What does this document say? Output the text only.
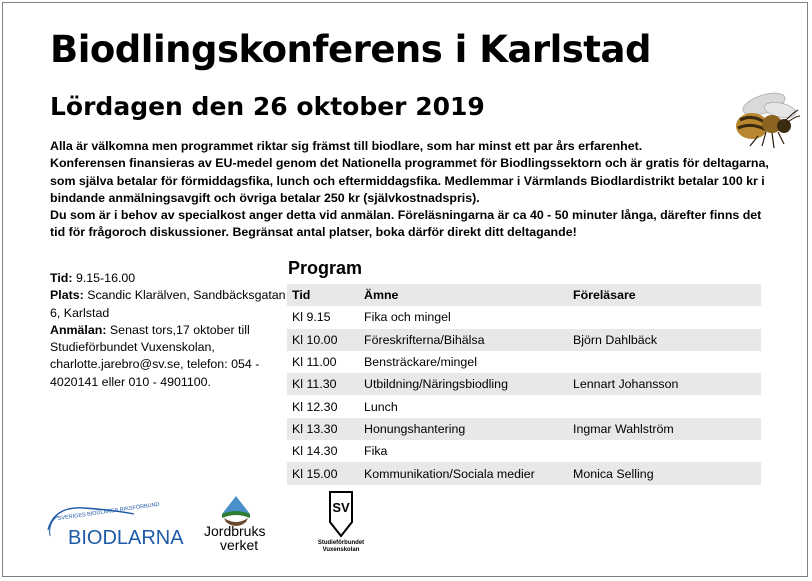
Biodlingskonferens i Karlstad
Lördagen den 26 oktober 2019

Alla är välkomna men programmet riktar sig främst till biodlare, som har minst ett par års erfarenhet.

Konferensen finansieras av EU-medel genom det Nationella programmet för Biodlingssektorn och är gratis för deltagarna, som själva betalar för förmiddagsfika, lunch och eftermiddagsfika. Medlemmar i Värmlands Biodlardistrikt betalar 100 kr i bindande anmälningsavgift och övriga betalar 250 kr (självkostnadspris).

Du som är i behov av specialkost anger detta vid anmälan. Föreläsningarna är ca 40 - 50 minuter långa, därefter finns det tid för frågoroch diskussioner. Begränsat antal platser, boka därför direkt ditt deltagande!

Tid: 9.15-16.00

Plats: Scandic Klarälven, Sandbäcksgatan 6, Karlstad

Anmälan: Senast tors,17 oktober till Studieförbundet Vuxenskolan, charlotte.jarebro@sv.se, telefon: 054 - 4020141 eller 010 - 4901100.

Program
Tid	Ämne	Föreläsare
Kl 9.15	Fika och mingel	
Kl 10.00	Föreskrifterna/Bihälsa	Björn Dahlbäck
Kl 11.00	Bensträckare/mingel	
Kl 11.30	Utbildning/Näringsbiodling	Lennart Johansson
Kl 12.30	Lunch	
Kl 13.30	Honungshantering	Ingmar Wahlström
Kl 14.30	Fika	
Kl 15.00	Kommunikation/Sociala medier	Monica Selling
SVERIGES BIODLARES RIKSFÖRBUND
BIODLARNA Jordbruks
verket
SV
Studieförbundet
Vuxenskolan
